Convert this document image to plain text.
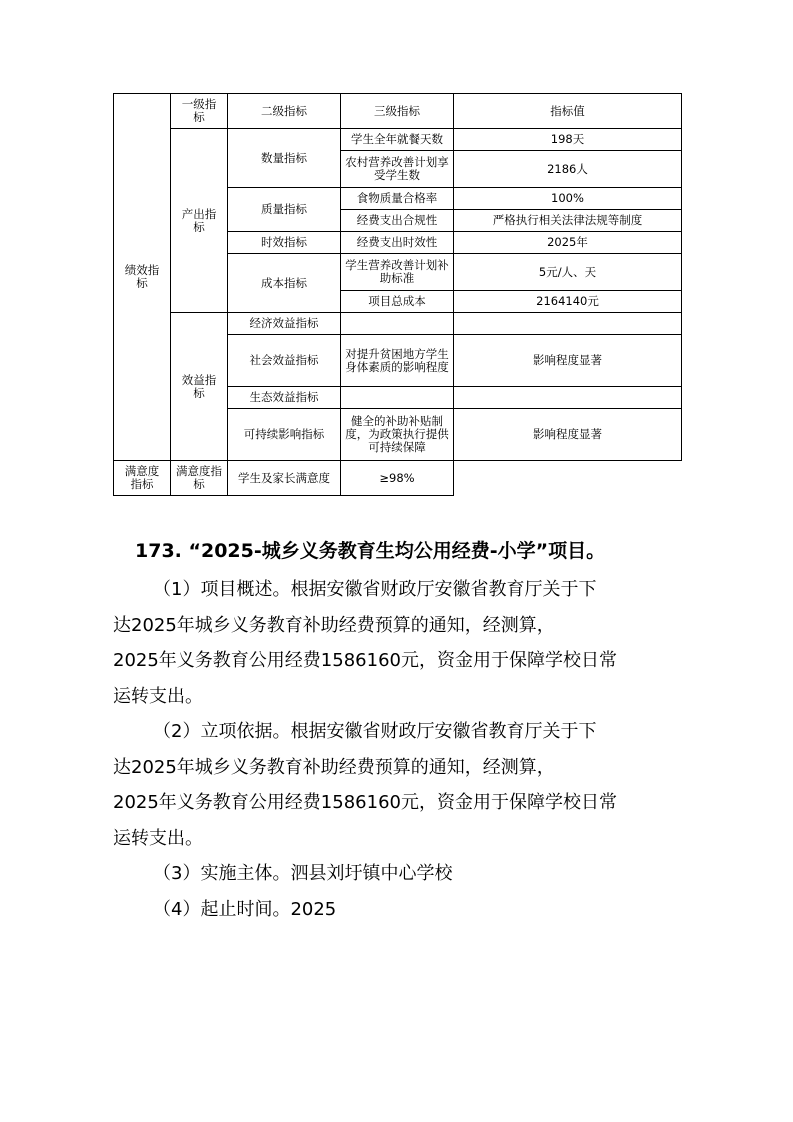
绩效指标	一级指标	二级指标	三级指标	指标值
	产出指标	数量指标	学生全年就餐天数	198天
			农村营养改善计划享受学生数	2186人
		质量指标	食物质量合格率	100%
			经费支出合规性	严格执行相关法律法规等制度
		时效指标	经费支出时效性	2025年
		成本指标	学生营养改善计划补助标准	5元/人、天
			项目总成本	2164140元
	效益指标	经济效益指标		
		社会效益指标	对提升贫困地方学生身体素质的影响程度	影响程度显著
		生态效益指标		
		可持续影响指标	健全的补助补贴制度，为政策执行提供可持续保障	影响程度显著
满意度指标	满意度指标	学生及家长满意度	≥98%	
173. “2025-城乡义务教育生均公用经费-小学”项目。

（1）项目概述。根据安徽省财政厅安徽省教育厅关于下
达2025年城乡义务教育补助经费预算的通知，经测算，
2025年义务教育公用经费1586160元，资金用于保障学校日常
运转支出。

（2）立项依据。根据安徽省财政厅安徽省教育厅关于下
达2025年城乡义务教育补助经费预算的通知，经测算，
2025年义务教育公用经费1586160元，资金用于保障学校日常
运转支出。

（3）实施主体。泗县刘圩镇中心学校

（4）起止时间。2025
